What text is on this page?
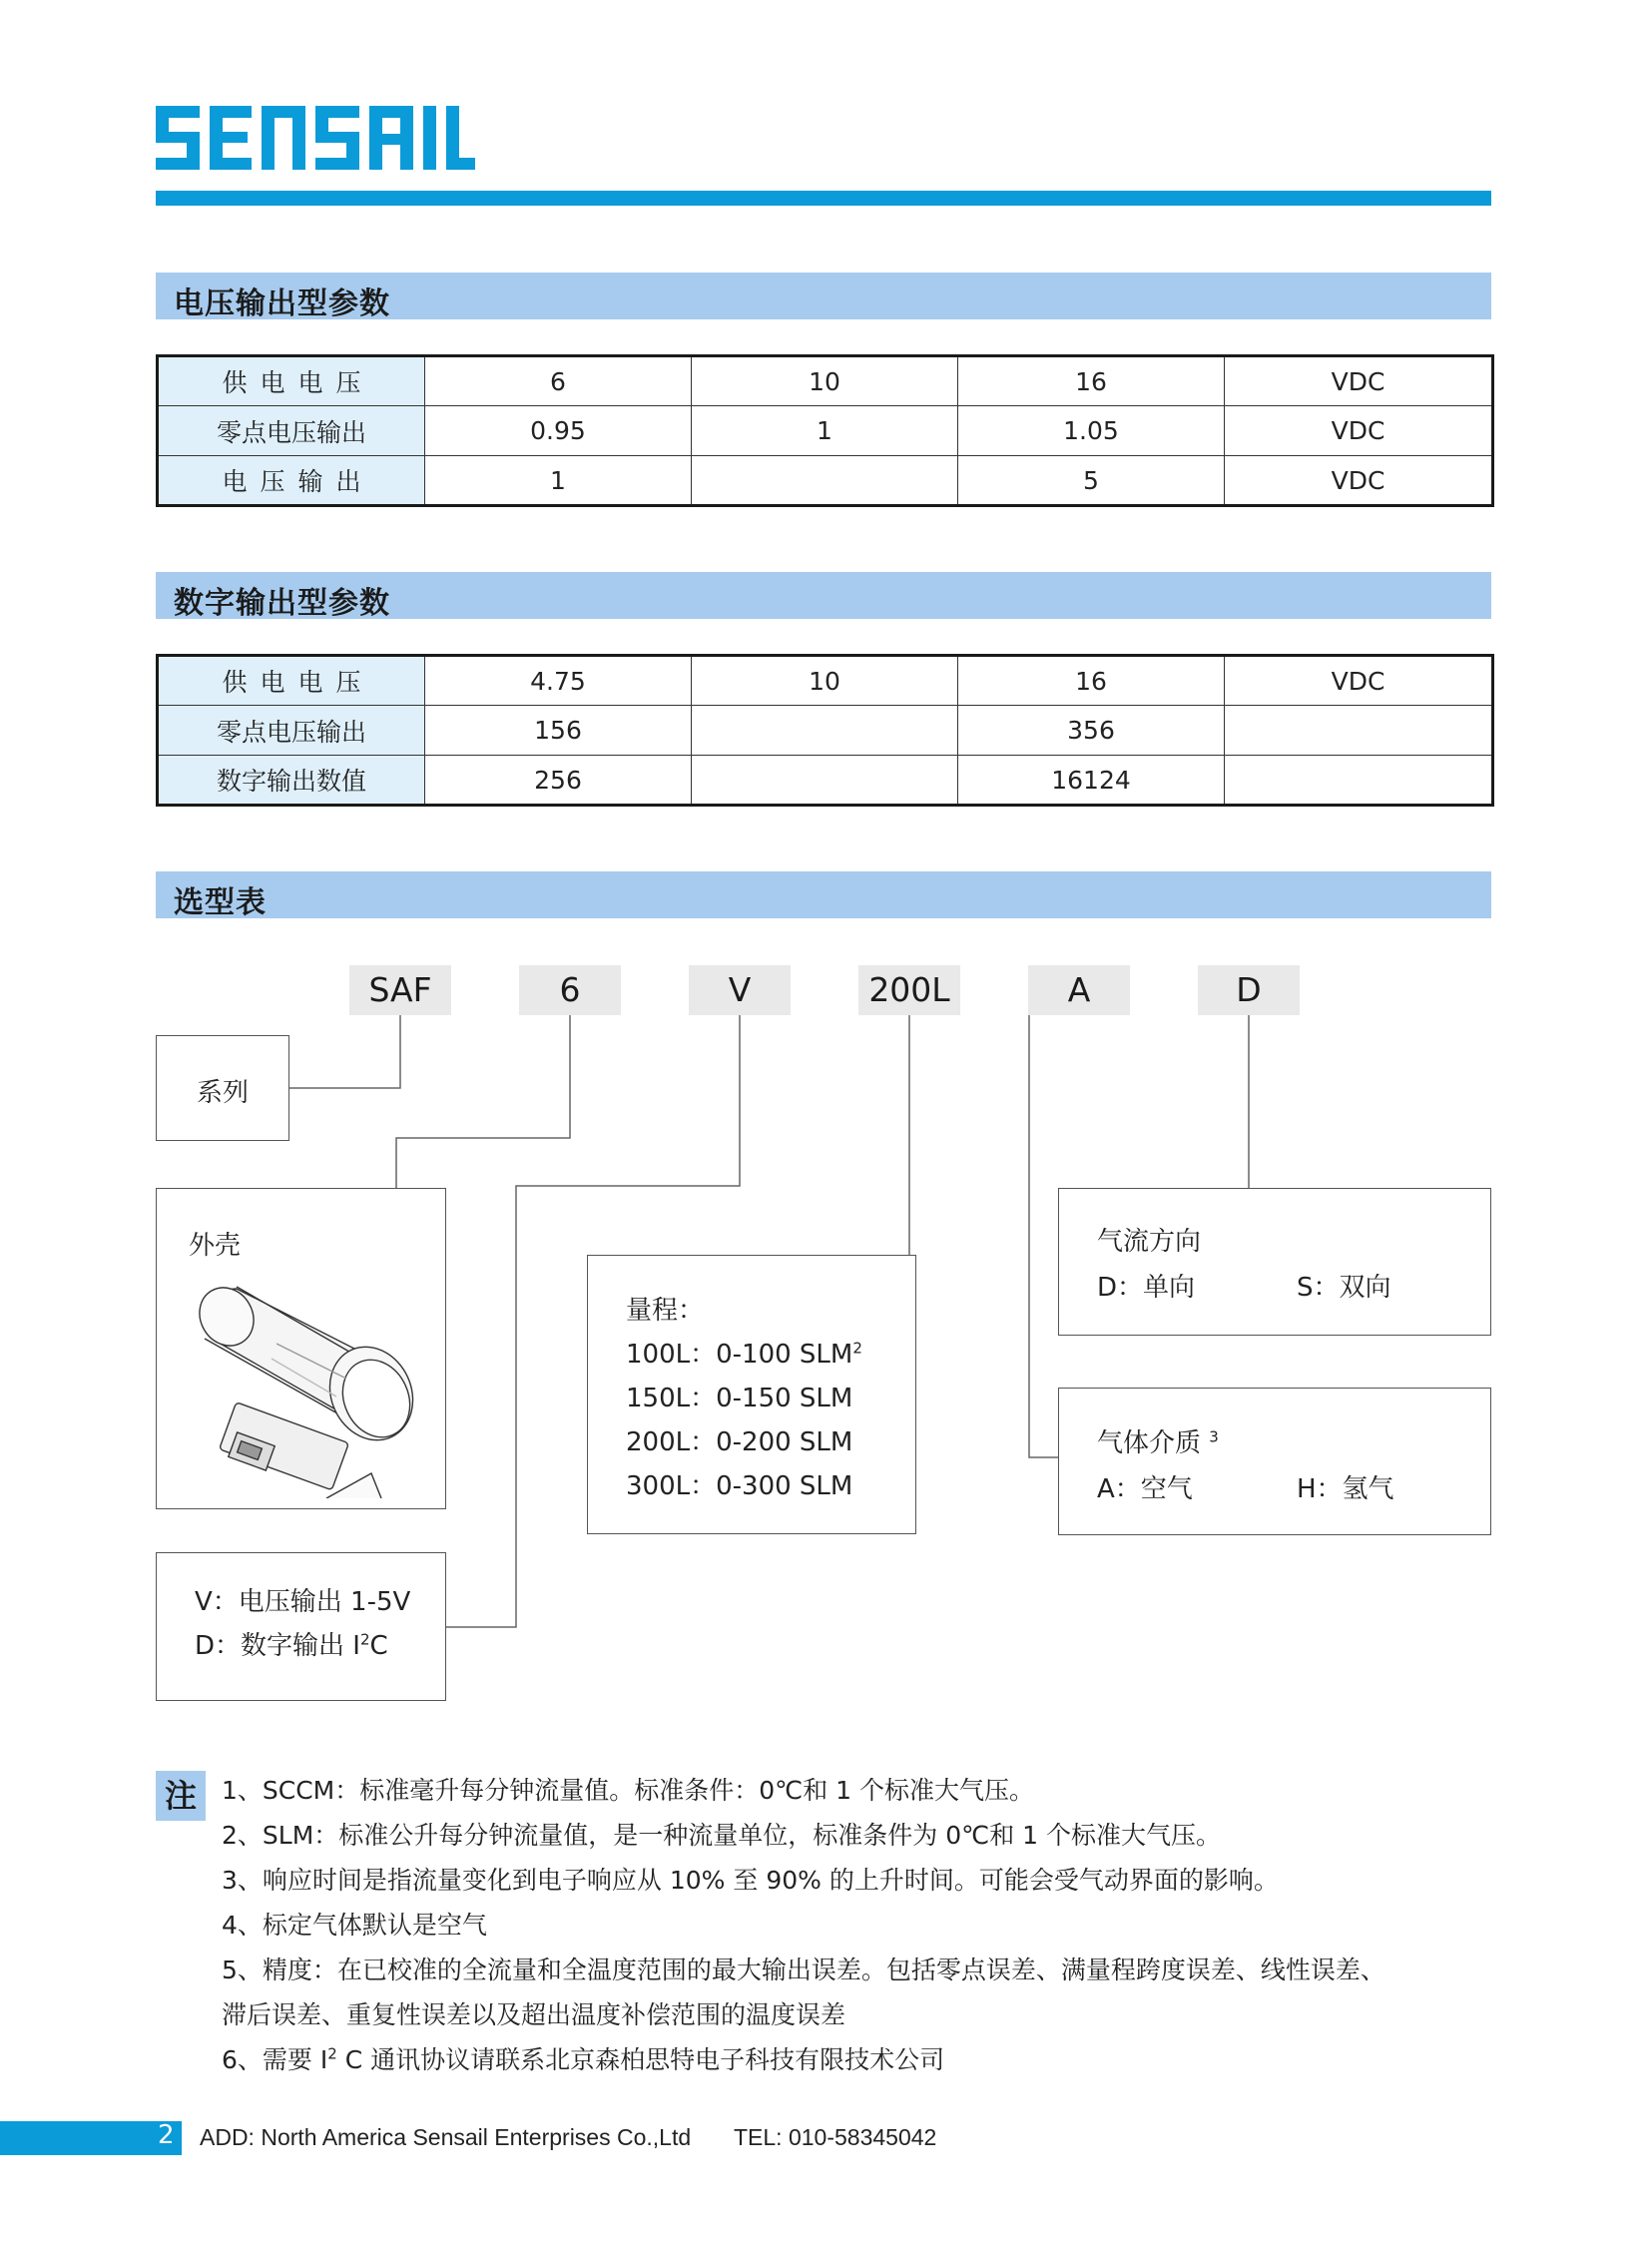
电压输出型参数
供电电压	6	10	16	VDC
零点电压输出	0.95	1	1.05	VDC
电压输出	1		5	VDC
数字输出型参数
供电电压	4.75	10	16	VDC
零点电压输出	156		356	
数字输出数值	256		16124	
选型表
SAF	6	V	200L	A	D
系列
外壳
V：电压输出 1-5V
D：数字输出 $I^2C$
量程：
100L：0-100 SLM$^2$
150L：0-150 SLM
200L：0-200 SLM
300L：0-300 SLM
气流方向
D：单向	S：双向
气体介质 $^3$
A：空气	H：氢气
注	1、SCCM：标准毫升每分钟流量值。标准条件：0℃和 1 个标准大气压。
2、SLM：标准公升每分钟流量值，是一种流量单位，标准条件为 0℃和 1 个标准大气压。
3、响应时间是指流量变化到电子响应从 10% 至 90% 的上升时间。可能会受气动界面的影响。
4、标定气体默认是空气
5、精度：在已校准的全流量和全温度范围的最大输出误差。包括零点误差、满量程跨度误差、线性误差、
滞后误差、重复性误差以及超出温度补偿范围的温度误差
6、需要 $I^2$ C 通讯协议请联系北京森柏思特电子科技有限技术公司
2 ADD: North America Sensail Enterprises Co.,Ltd TEL: 010-58345042
